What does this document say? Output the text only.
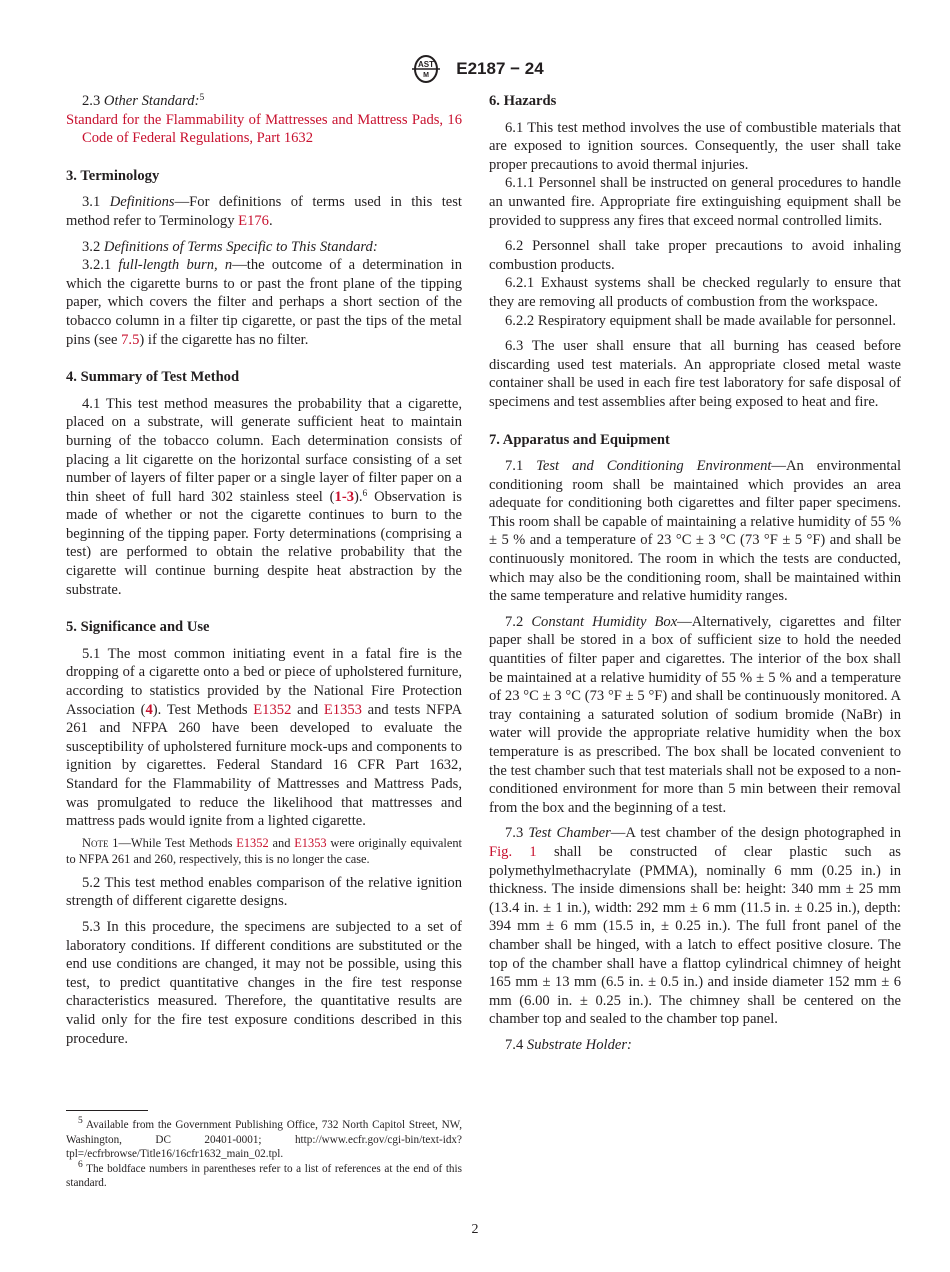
AST
M E2187 − 24

2.3 Other Standard:$^5$

Standard for the Flammability of Mattresses and Mattress Pads, 16 Code of Federal Regulations, Part 1632

3. Terminology

3.1 Definitions—For definitions of terms used in this test method refer to Terminology E176.

3.2 Definitions of Terms Specific to This Standard:

3.2.1 full-length burn, n—the outcome of a determination in which the cigarette burns to or past the front plane of the tipping paper, which covers the filter and perhaps a short section of the tobacco column in a filter tip cigarette, or past the tips of the metal pins (see 7.5) if the cigarette has no filter.

4. Summary of Test Method

4.1 This test method measures the probability that a cigarette, placed on a substrate, will generate sufficient heat to maintain burning of the tobacco column. Each determination consists of placing a lit cigarette on the horizontal surface consisting of a set number of layers of filter paper or a single layer of filter paper on a thin sheet of full hard 302 stainless steel (1-3).$^6$ Observation is made of whether or not the cigarette continues to burn to the beginning of the tipping paper. Forty determinations (comprising a test) are performed to obtain the relative probability that the cigarette will continue burning despite heat abstraction by the substrate.

5. Significance and Use

5.1 The most common initiating event in a fatal fire is the dropping of a cigarette onto a bed or piece of upholstered furniture, according to statistics provided by the National Fire Protection Association (4). Test Methods E1352 and E1353 and tests NFPA 261 and NFPA 260 have been developed to evaluate the susceptibility of upholstered furniture mock-ups and components to ignition by cigarettes. Federal Standard 16 CFR Part 1632, Standard for the Flammability of Mattresses and Mattress Pads, was promulgated to reduce the likelihood that mattresses and mattress pads would ignite from a lighted cigarette.

Note 1—While Test Methods E1352 and E1353 were originally equivalent to NFPA 261 and 260, respectively, this is no longer the case.

5.2 This test method enables comparison of the relative ignition strength of different cigarette designs.

5.3 In this procedure, the specimens are subjected to a set of laboratory conditions. If different conditions are substituted or the end use conditions are changed, it may not be possible, using this test, to predict quantitative changes in the fire test response characteristics measured. Therefore, the quantitative results are valid only for the fire test exposure conditions described in this procedure.

$^5$ Available from the Government Publishing Office, 732 North Capitol Street, NW, Washington, DC 20401-0001; http://www.ecfr.gov/cgi-bin/text-idx?tpl=/ecfrbrowse/Title16/16cfr1632_main_02.tpl.

$^6$ The boldface numbers in parentheses refer to a list of references at the end of this standard.

6. Hazards

6.1 This test method involves the use of combustible materials that are exposed to ignition sources. Consequently, the user shall take proper precautions to avoid thermal injuries.

6.1.1 Personnel shall be instructed on general procedures to handle an unwanted fire. Appropriate fire extinguishing equipment shall be provided to suppress any fires that exceed normal controlled limits.

6.2 Personnel shall take proper precautions to avoid inhaling combustion products.

6.2.1 Exhaust systems shall be checked regularly to ensure that they are removing all products of combustion from the workspace.

6.2.2 Respiratory equipment shall be made available for personnel.

6.3 The user shall ensure that all burning has ceased before discarding used test materials. An appropriate closed metal waste container shall be used in each fire test laboratory for safe disposal of specimens and test assemblies after being exposed to heat and fire.

7. Apparatus and Equipment

7.1 Test and Conditioning Environment—An environmental conditioning room shall be maintained which provides an area adequate for conditioning both cigarettes and filter paper specimens. This room shall be capable of maintaining a relative humidity of 55 % ± 5 % and a temperature of 23 °C ± 3 °C (73 °F ± 5 °F) and shall be continuously monitored. The room in which the tests are conducted, which may also be the conditioning room, shall be maintained within the same temperature and relative humidity ranges.

7.2 Constant Humidity Box—Alternatively, cigarettes and filter paper shall be stored in a box of sufficient size to hold the needed quantities of filter paper and cigarettes. The interior of the box shall be maintained at a relative humidity of 55 % ± 5 % and a temperature of 23 °C ± 3 °C (73 °F ± 5 °F) and shall be continuously monitored. A tray containing a saturated solution of sodium bromide (NaBr) in water will provide the appropriate relative humidity when the box temperature is as prescribed. The box shall be located convenient to the test chamber such that test materials shall not be exposed to a non-conditioned environment for more than 5 min between their removal from the box and the beginning of a test.

7.3 Test Chamber—A test chamber of the design photographed in Fig. 1 shall be constructed of clear plastic such as polymethylmethacrylate (PMMA), nominally 6 mm (0.25 in.) in thickness. The inside dimensions shall be: height: 340 mm ± 25 mm (13.4 in. ± 1 in.), width: 292 mm ± 6 mm (11.5 in. ± 0.25 in.), depth: 394 mm ± 6 mm (15.5 in, ± 0.25 in.). The full front panel of the chamber shall be hinged, with a latch to effect positive closure. The top of the chamber shall have a flattop cylindrical chimney of height 165 mm ± 13 mm (6.5 in. ± 0.5 in.) and inside diameter 152 mm ± 6 mm (6.00 in. ± 0.25 in.). The chimney shall be centered on the chamber top and sealed to the chamber top panel.

7.4 Substrate Holder:

2
